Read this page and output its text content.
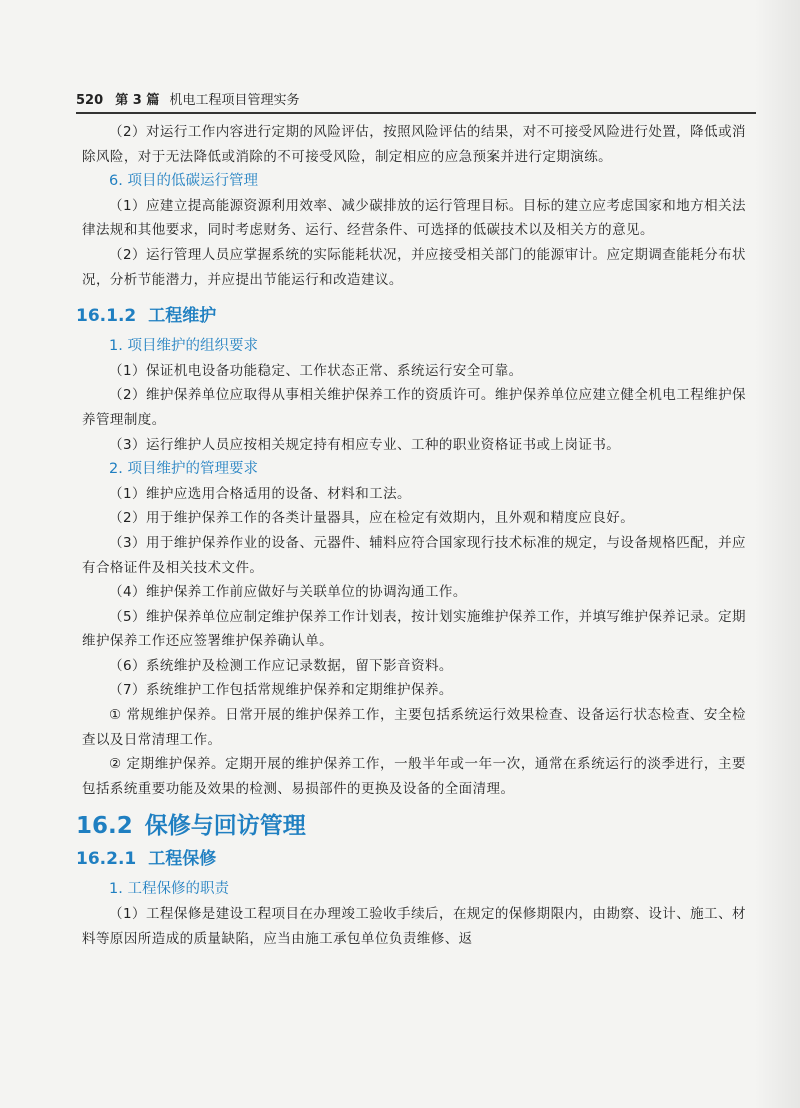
520 第 3 篇 机电工程项目管理实务

（2）对运行工作内容进行定期的风险评估，按照风险评估的结果，对不可接受风险进行处置，降低或消除风险，对于无法降低或消除的不可接受风险，制定相应的应急预案并进行定期演练。

6. 项目的低碳运行管理

（1）应建立提高能源资源利用效率、减少碳排放的运行管理目标。目标的建立应考虑国家和地方相关法律法规和其他要求，同时考虑财务、运行、经营条件、可选择的低碳技术以及相关方的意见。

（2）运行管理人员应掌握系统的实际能耗状况，并应接受相关部门的能源审计。应定期调查能耗分布状况，分析节能潜力，并应提出节能运行和改造建议。

16.1.2 工程维护

1. 项目维护的组织要求

（1）保证机电设备功能稳定、工作状态正常、系统运行安全可靠。

（2）维护保养单位应取得从事相关维护保养工作的资质许可。维护保养单位应建立健全机电工程维护保养管理制度。

（3）运行维护人员应按相关规定持有相应专业、工种的职业资格证书或上岗证书。

2. 项目维护的管理要求

（1）维护应选用合格适用的设备、材料和工法。

（2）用于维护保养工作的各类计量器具，应在检定有效期内，且外观和精度应良好。

（3）用于维护保养作业的设备、元器件、辅料应符合国家现行技术标准的规定，与设备规格匹配，并应有合格证件及相关技术文件。

（4）维护保养工作前应做好与关联单位的协调沟通工作。

（5）维护保养单位应制定维护保养工作计划表，按计划实施维护保养工作，并填写维护保养记录。定期维护保养工作还应签署维护保养确认单。

（6）系统维护及检测工作应记录数据，留下影音资料。

（7）系统维护工作包括常规维护保养和定期维护保养。

① 常规维护保养。日常开展的维护保养工作，主要包括系统运行效果检查、设备运行状态检查、安全检查以及日常清理工作。

② 定期维护保养。定期开展的维护保养工作，一般半年或一年一次，通常在系统运行的淡季进行，主要包括系统重要功能及效果的检测、易损部件的更换及设备的全面清理。

16.2 保修与回访管理
16.2.1 工程保修

1. 工程保修的职责

（1）工程保修是建设工程项目在办理竣工验收手续后，在规定的保修期限内，由勘察、设计、施工、材料等原因所造成的质量缺陷，应当由施工承包单位负责维修、返
